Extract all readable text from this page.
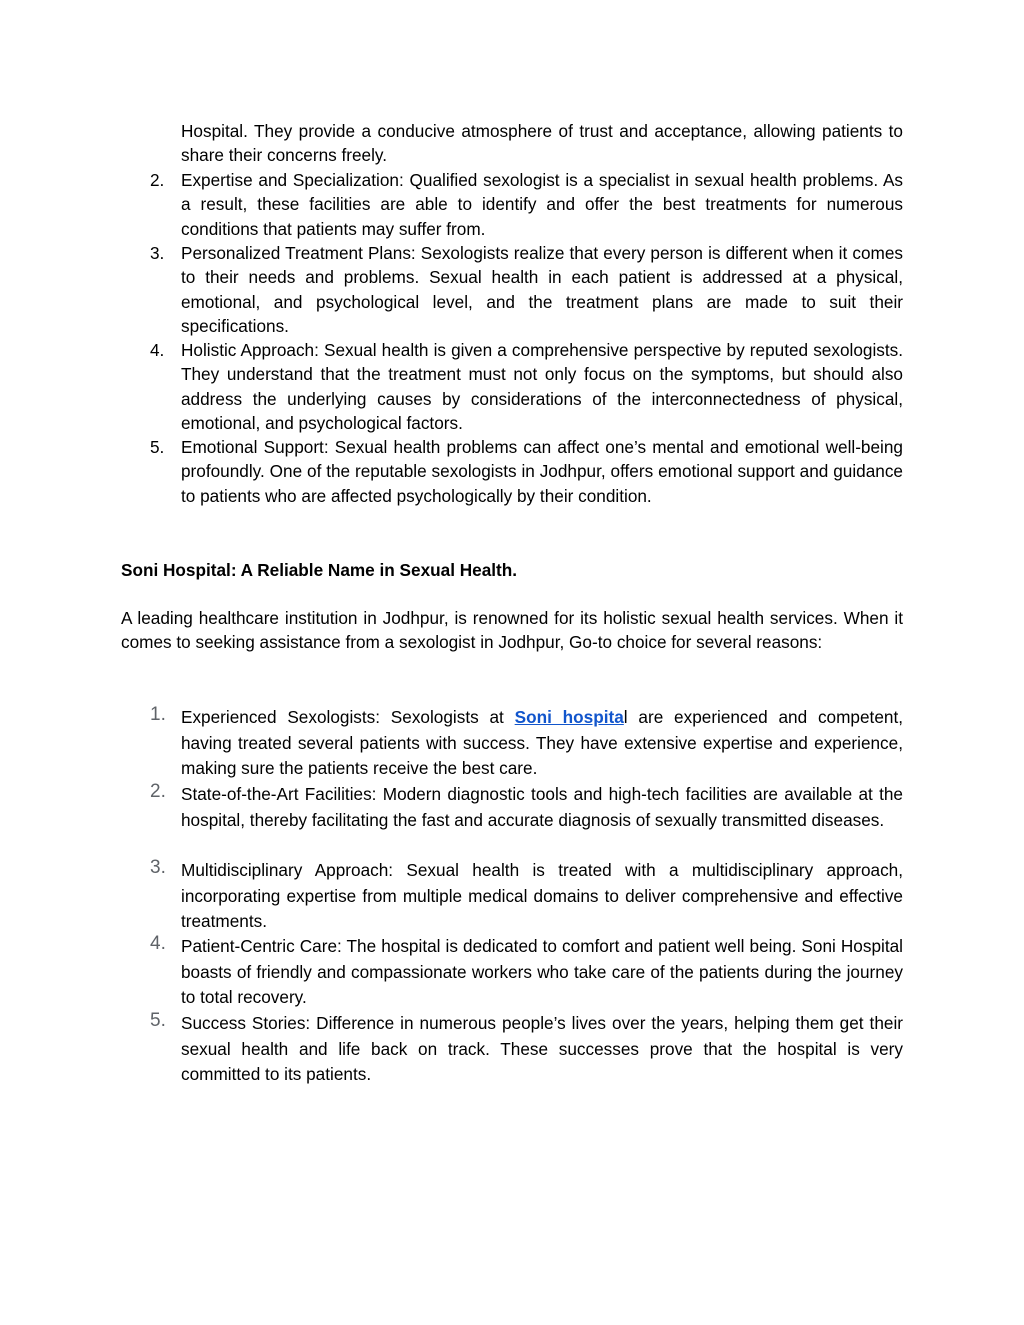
Hospital. They provide a conducive atmosphere of trust and acceptance, allowing patients to share their concerns freely.
2. Expertise and Specialization: Qualified sexologist is a specialist in sexual health problems. As a result, these facilities are able to identify and offer the best treatments for numerous conditions that patients may suffer from.
3. Personalized Treatment Plans: Sexologists realize that every person is different when it comes to their needs and problems. Sexual health in each patient is addressed at a physical, emotional, and psychological level, and the treatment plans are made to suit their specifications.
4. Holistic Approach: Sexual health is given a comprehensive perspective by reputed sexologists. They understand that the treatment must not only focus on the symptoms, but should also address the underlying causes by considerations of the interconnectedness of physical, emotional, and psychological factors.
5. Emotional Support: Sexual health problems can affect one’s mental and emotional well-being profoundly. One of the reputable sexologists in Jodhpur, offers emotional support and guidance to patients who are affected psychologically by their condition.
Soni Hospital: A Reliable Name in Sexual Health.
A leading healthcare institution in Jodhpur, is renowned for its holistic sexual health services. When it comes to seeking assistance from a sexologist in Jodhpur, Go-to choice for several reasons:
1. Experienced Sexologists: Sexologists at Soni hospital are experienced and competent, having treated several patients with success. They have extensive expertise and experience, making sure the patients receive the best care.
2. State-of-the-Art Facilities: Modern diagnostic tools and high-tech facilities are available at the hospital, thereby facilitating the fast and accurate diagnosis of sexually transmitted diseases.
3. Multidisciplinary Approach: Sexual health is treated with a multidisciplinary approach, incorporating expertise from multiple medical domains to deliver comprehensive and effective treatments.
4. Patient-Centric Care: The hospital is dedicated to comfort and patient well being. Soni Hospital boasts of friendly and compassionate workers who take care of the patients during the journey to total recovery.
5. Success Stories: Difference in numerous people’s lives over the years, helping them get their sexual health and life back on track. These successes prove that the hospital is very committed to its patients.
